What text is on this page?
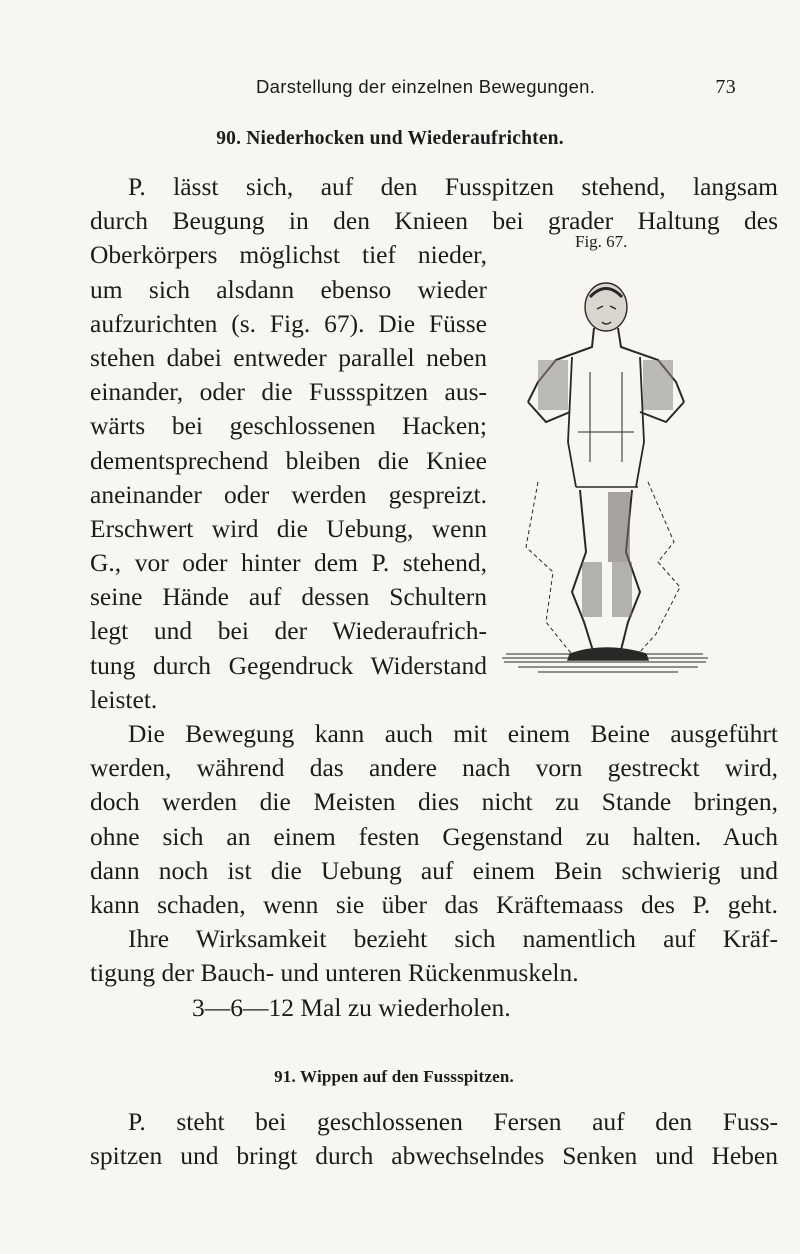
Darstellung der einzelnen Bewegungen.	73
90. Niederhocken und Wiederaufrichten.
P. lässt sich, auf den Fusspitzen stehend, langsam
durch Beugung in den Knieen bei grader Haltung des
Oberkörpers möglichst tief nieder,
um sich alsdann ebenso wieder
aufzurichten (s. Fig. 67). Die Füsse
stehen dabei entweder parallel neben
einander, oder die Fussspitzen aus-
wärts bei geschlossenen Hacken;
dementsprechend bleiben die Kniee
aneinander oder werden gespreizt.
Erschwert wird die Uebung, wenn
G., vor oder hinter dem P. stehend,
seine Hände auf dessen Schultern
legt und bei der Wiederaufrich-
tung durch Gegendruck Widerstand
leistet.
Die Bewegung kann auch mit einem Beine ausgeführt
werden, während das andere nach vorn gestreckt wird,
doch werden die Meisten dies nicht zu Stande bringen,
ohne sich an einem festen Gegenstand zu halten. Auch
dann noch ist die Uebung auf einem Bein schwierig und
kann schaden, wenn sie über das Kräftemaass des P. geht.
Ihre Wirksamkeit bezieht sich namentlich auf Kräf-
tigung der Bauch- und unteren Rückenmuskeln.
3—6—12 Mal zu wiederholen.
Fig. 67.
91. Wippen auf den Fussspitzen.
P. steht bei geschlossenen Fersen auf den Fuss-
spitzen und bringt durch abwechselndes Senken und Heben
